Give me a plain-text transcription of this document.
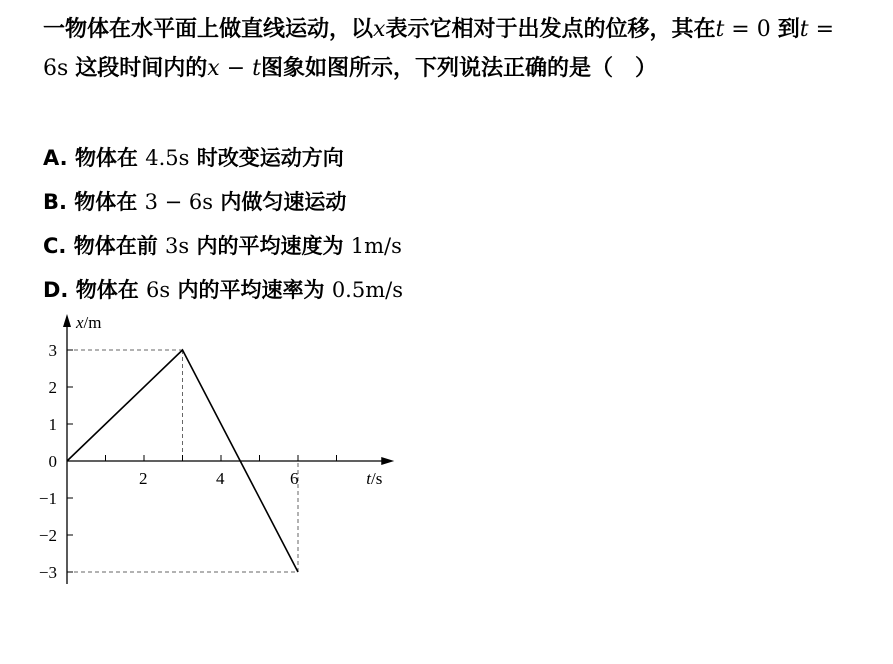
一物体在水平面上做直线运动，以x表示它相对于出发点的位移，其在t = 0 到t = 6s 这段时间内的x − t图象如图所示，下列说法正确的是（　）
A. 物体在 4.5s 时改变运动方向
B. 物体在 3 − 6s 内做匀速运动
C. 物体在前 3s 内的平均速度为 1m/s
D. 物体在 6s 内的平均速率为 0.5m/s
2	4	6
3
2
1
0
−1
−2
−3
t/s
x/m
